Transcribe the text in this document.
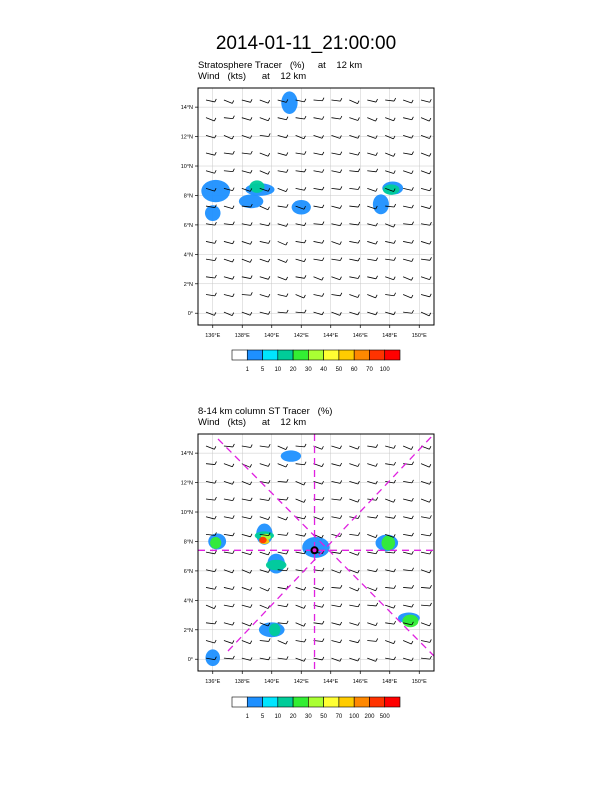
2014-01-11_21:00:00
Stratosphere Tracer   (%)     at    12 km
Wind   (kts)      at    12 km
8-14 km column ST Tracer   (%)
Wind   (kts)      at    12 km
136°E	138°E	140°E	142°E	144°E	146°E	148°E	150°E
14°N
12°N
10°N
8°N
6°N
4°N
2°N
0°
1 5 10 20 30 40 50 60 70 100
136°E	138°E	140°E	142°E	144°E	146°E	148°E	150°E
14°N
12°N
10°N
8°N
6°N
4°N
2°N
0°
1 5 10 20 30 50 70 100 200 500
